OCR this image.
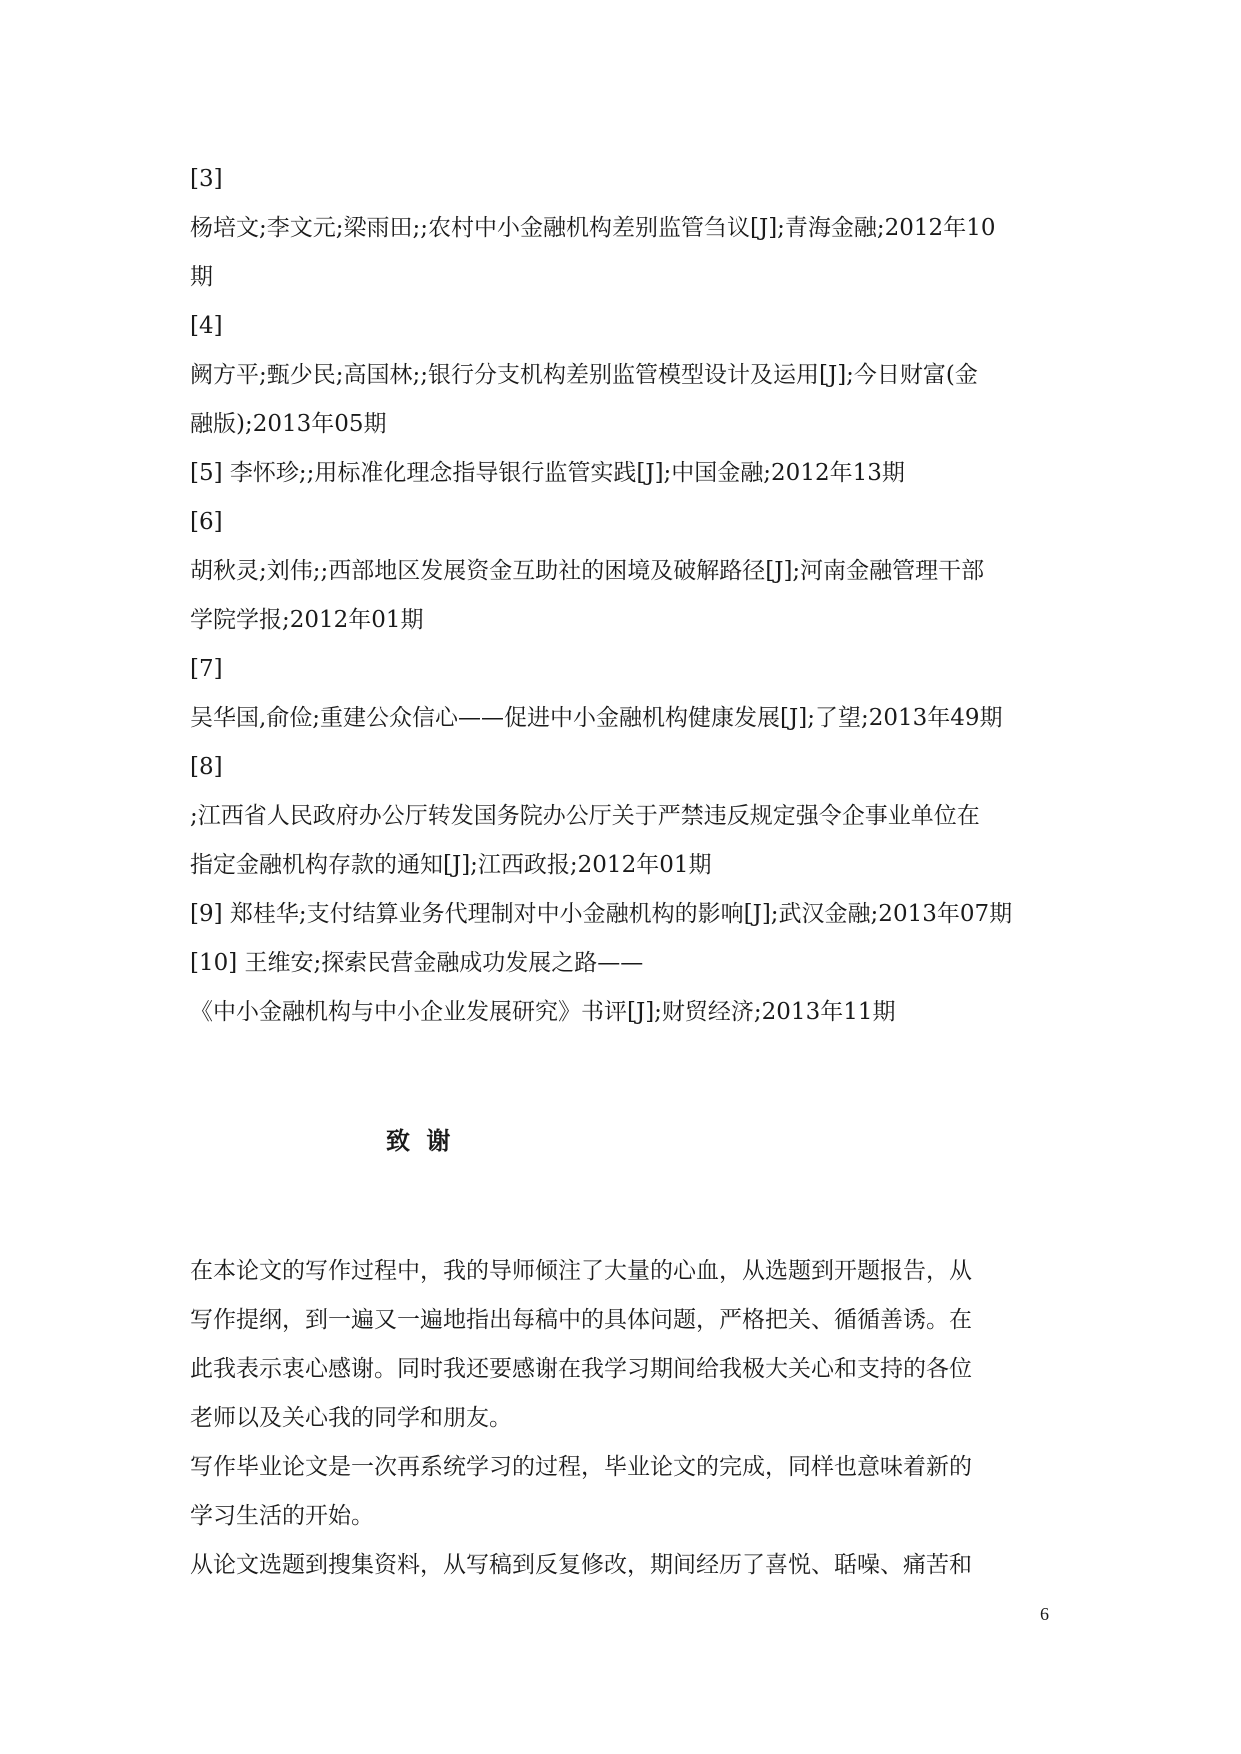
[3]
杨培文;李文元;梁雨田;;农村中小金融机构差别监管刍议[J];青海金融;2012年10
期
[4]
阙方平;甄少民;高国林;;银行分支机构差别监管模型设计及运用[J];今日财富(金
融版);2013年05期
[5] 李怀珍;;用标准化理念指导银行监管实践[J];中国金融;2012年13期
[6]
胡秋灵;刘伟;;西部地区发展资金互助社的困境及破解路径[J];河南金融管理干部
学院学报;2012年01期
[7]
吴华国,俞俭;重建公众信心——促进中小金融机构健康发展[J];了望;2013年49期
[8]
;江西省人民政府办公厅转发国务院办公厅关于严禁违反规定强令企事业单位在
指定金融机构存款的通知[J];江西政报;2012年01期
[9] 郑桂华;支付结算业务代理制对中小金融机构的影响[J];武汉金融;2013年07期
[10] 王维安;探索民营金融成功发展之路——
《中小金融机构与中小企业发展研究》书评[J];财贸经济;2013年11期
致 谢
在本论文的写作过程中，我的导师倾注了大量的心血，从选题到开题报告，从
写作提纲，到一遍又一遍地指出每稿中的具体问题，严格把关、循循善诱。在
此我表示衷心感谢。同时我还要感谢在我学习期间给我极大关心和支持的各位
老师以及关心我的同学和朋友。
写作毕业论文是一次再系统学习的过程，毕业论文的完成，同样也意味着新的
学习生活的开始。
从论文选题到搜集资料，从写稿到反复修改，期间经历了喜悦、聒噪、痛苦和
6
